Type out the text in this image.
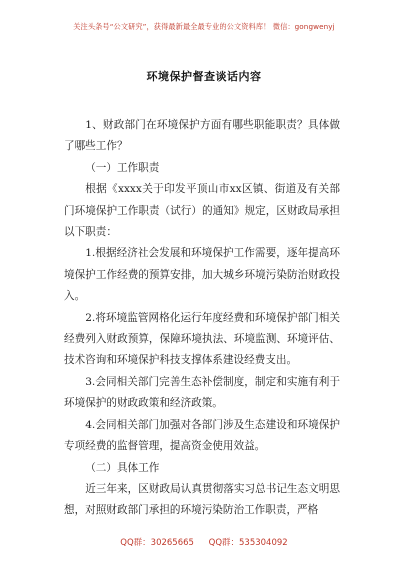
关注头条号“公文研究”，获得最新最全最专业的公文资料库！ 微信：gongwenyj
环境保护督查谈话内容

1、财政部门在环境保护方面有哪些职能职责？具体做了哪些工作？

（一）工作职责

根据《xxxx关于印发平顶山市xx区镇、街道及有关部门环境保护工作职责（试行）的通知》规定，区财政局承担以下职责：

1.根据经济社会发展和环境保护工作需要，逐年提高环境保护工作经费的预算安排，加大城乡环境污染防治财政投入。

2.将环境监管网格化运行年度经费和环境保护部门相关经费列入财政预算，保障环境执法、环境监测、环境评估、技术咨询和环境保护科技支撑体系建设经费支出。

3.会同相关部门完善生态补偿制度，制定和实施有利于环境保护的财政政策和经济政策。

4.会同相关部门加强对各部门涉及生态建设和环境保护专项经费的监督管理，提高资金使用效益。

（二）具体工作

近三年来，区财政局认真贯彻落实习总书记生态文明思想，对照财政部门承担的环境污染防治工作职责，严格

QQ群：30265665 QQ群：535304092
